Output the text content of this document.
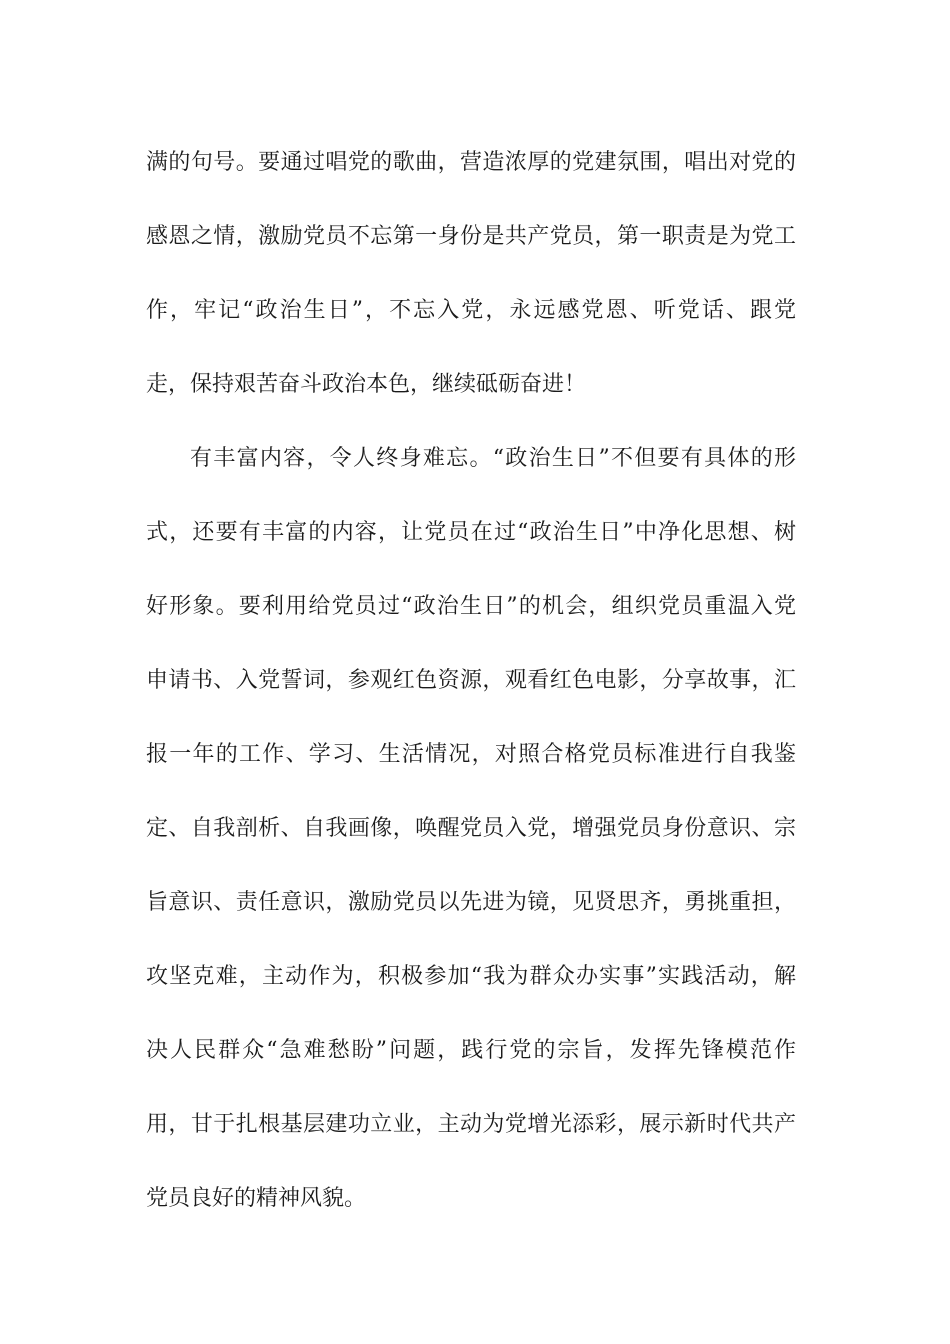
满的句号。要通过唱党的歌曲，营造浓厚的党建氛围，唱出对党的
感恩之情，激励党员不忘第一身份是共产党员，第一职责是为党工
作，牢记“政治生日”，不忘入党，永远感党恩、听党话、跟党
走，保持艰苦奋斗政治本色，继续砥砺奋进！
有丰富内容，令人终身难忘。“政治生日”不但要有具体的形
式，还要有丰富的内容，让党员在过“政治生日”中净化思想、树
好形象。要利用给党员过“政治生日”的机会，组织党员重温入党
申请书、入党誓词，参观红色资源，观看红色电影，分享故事，汇
报一年的工作、学习、生活情况，对照合格党员标准进行自我鉴
定、自我剖析、自我画像，唤醒党员入党，增强党员身份意识、宗
旨意识、责任意识，激励党员以先进为镜，见贤思齐，勇挑重担，
攻坚克难，主动作为，积极参加“我为群众办实事”实践活动，解
决人民群众“急难愁盼”问题，践行党的宗旨，发挥先锋模范作
用，甘于扎根基层建功立业，主动为党增光添彩，展示新时代共产
党员良好的精神风貌。
